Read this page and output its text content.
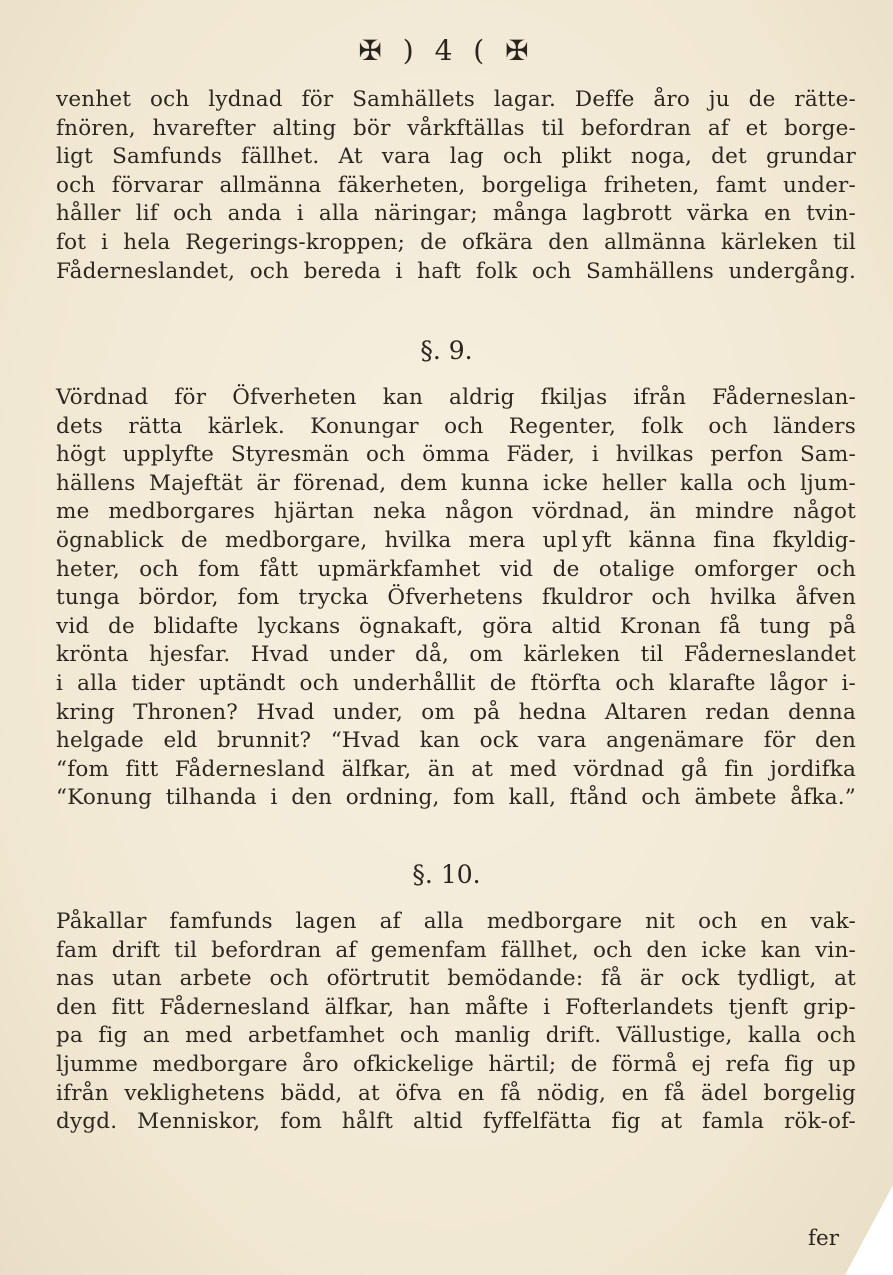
✠ ) 4 ( ✠
venhet och lydnad för Samhällets lagar. Deffe åro ju de rätte-
fnören, hvarefter alting bör vårkftällas til befordran af et borge-
ligt Samfunds fällhet. At vara lag och plikt noga, det grundar
och förvarar allmänna fäkerheten, borgeliga friheten, famt under-
håller lif och anda i alla näringar; många lagbrott värka en tvin-
fot i hela Regerings-kroppen; de ofkära den allmänna kärleken til
Fåderneslandet, och bereda i haft folk och Samhällens undergång.
§. 9.
Vördnad för Öfverheten kan aldrig fkiljas ifrån Fåderneslan-
dets rätta kärlek. Konungar och Regenter, folk och länders
högt upplyfte Styresmän och ömma Fäder, i hvilkas perfon Sam-
hällens Majeftät är förenad, dem kunna icke heller kalla och ljum-
me medborgares hjärtan neka någon vördnad, än mindre något
ögnablick de medborgare, hvilka mera upl yft känna fina fkyldig-
heter, och fom fått upmärkfamhet vid de otalige omforger och
tunga bördor, fom trycka Öfverhetens fkuldror och hvilka åfven
vid de blidafte lyckans ögnakaft, göra altid Kronan få tung på
krönta hjesfar. Hvad under då, om kärleken til Fåderneslandet
i alla tider uptändt och underhållit de ftörfta och klarafte lågor i-
kring Thronen? Hvad under, om på hedna Altaren redan denna
helgade eld brunnit? “Hvad kan ock vara angenämare för den
“fom fitt Fådernesland älfkar, än at med vördnad gå fin jordifka
“Konung tilhanda i den ordning, fom kall, ftånd och ämbete åfka.”
§. 10.
Påkallar famfunds lagen af alla medborgare nit och en vak-
fam drift til befordran af gemenfam fällhet, och den icke kan vin-
nas utan arbete och oförtrutit bemödande: få är ock tydligt, at
den fitt Fådernesland älfkar, han måfte i Fofterlandets tjenft grip-
pa fig an med arbetfamhet och manlig drift. Vällustige, kalla och
ljumme medborgare åro ofkickelige härtil; de förmå ej refa fig up
ifrån veklighetens bädd, at öfva en få nödig, en få ädel borgelig
dygd. Menniskor, fom hålft altid fyffelfätta fig at famla rök-of-
fer
